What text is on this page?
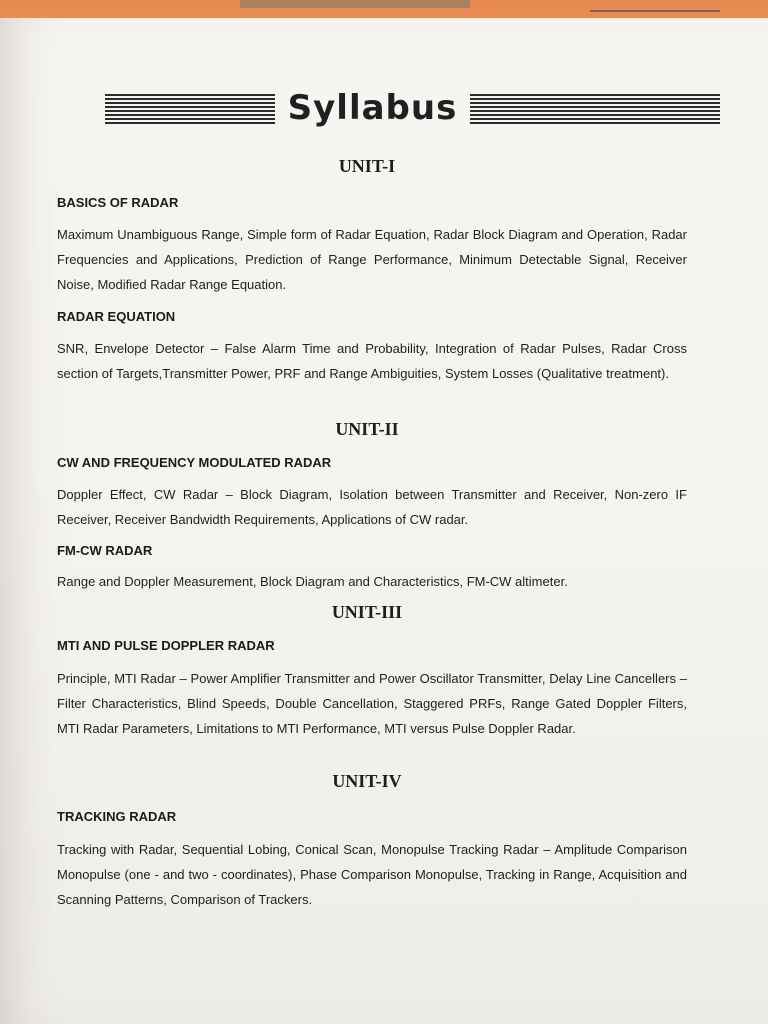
Syllabus
UNIT-I
BASICS OF RADAR
Maximum Unambiguous Range, Simple form of Radar Equation, Radar Block Diagram and Operation, Radar Frequencies and Applications, Prediction of Range Performance, Minimum Detectable Signal, Receiver Noise, Modified Radar Range Equation.
RADAR EQUATION
SNR, Envelope Detector – False Alarm Time and Probability, Integration of Radar Pulses, Radar Cross section of Targets,Transmitter Power, PRF and Range Ambiguities, System Losses (Qualitative treatment).
UNIT-II
CW AND FREQUENCY MODULATED RADAR
Doppler Effect, CW Radar – Block Diagram, Isolation between Transmitter and Receiver, Non-zero IF Receiver, Receiver Bandwidth Requirements, Applications of CW radar.
FM-CW RADAR
Range and Doppler Measurement, Block Diagram and Characteristics, FM-CW altimeter.
UNIT-III
MTI AND PULSE DOPPLER RADAR
Principle, MTI Radar – Power Amplifier Transmitter and Power Oscillator Transmitter, Delay Line Cancellers – Filter Characteristics, Blind Speeds, Double Cancellation, Staggered PRFs, Range Gated Doppler Filters, MTI Radar Parameters, Limitations to MTI Performance, MTI versus Pulse Doppler Radar.
UNIT-IV
TRACKING RADAR
Tracking with Radar, Sequential Lobing, Conical Scan, Monopulse Tracking Radar – Amplitude Comparison Monopulse (one - and two - coordinates), Phase Comparison Monopulse, Tracking in Range, Acquisition and Scanning Patterns, Comparison of Trackers.
